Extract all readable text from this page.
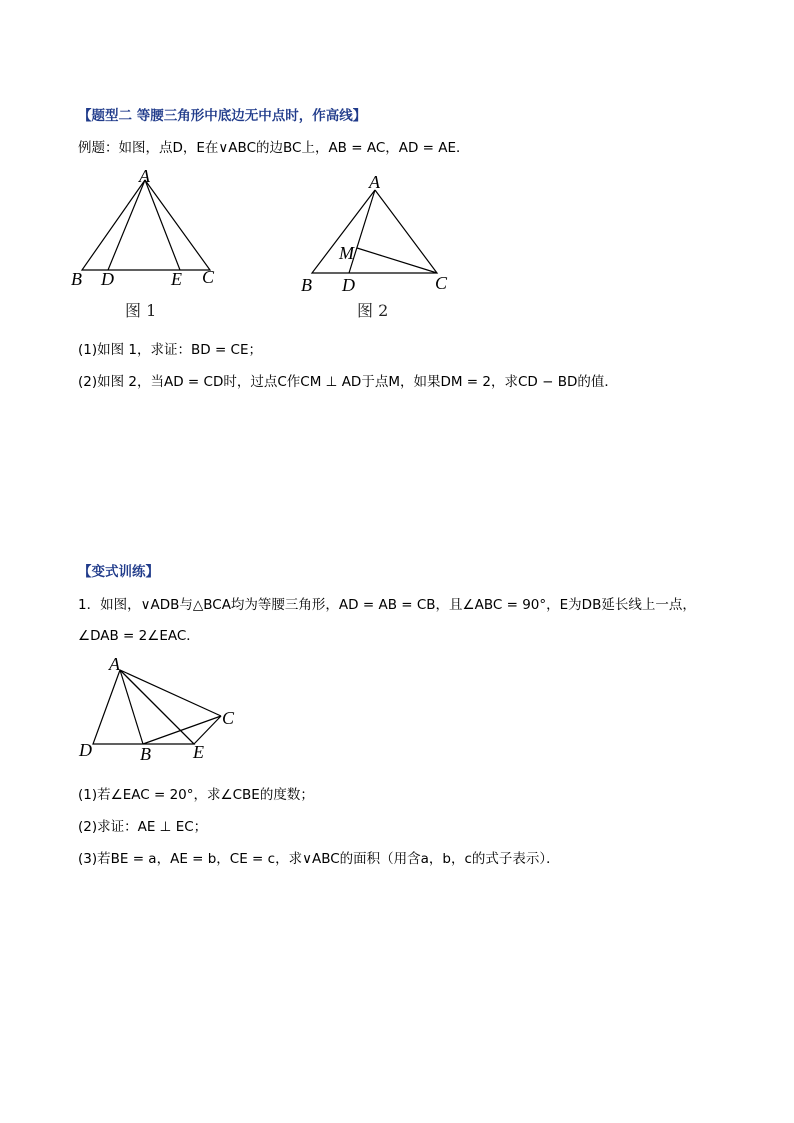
【题型二 等腰三角形中底边无中点时，作高线】
例题：如图，点D，E在∨ABC的边BC上，AB = AC，AD = AE．
A
B D	E C
图 1
A
B D
M
C
图 2
(1)如图 1，求证：BD = CE；
(2)如图 2，当AD = CD时，过点C作CM ⊥ AD于点M，如果DM = 2，求CD − BD的值．
【变式训练】
1．如图，∨ADB与△BCA均为等腰三角形，AD = AB = CB，且∠ABC = 90°，E为DB延长线上一点，
∠DAB = 2∠EAC．
A
D	B E
C
(1)若∠EAC = 20°，求∠CBE的度数；
(2)求证：AE ⊥ EC；
(3)若BE = a，AE = b，CE = c，求∨ABC的面积（用含a，b，c的式子表示）．
